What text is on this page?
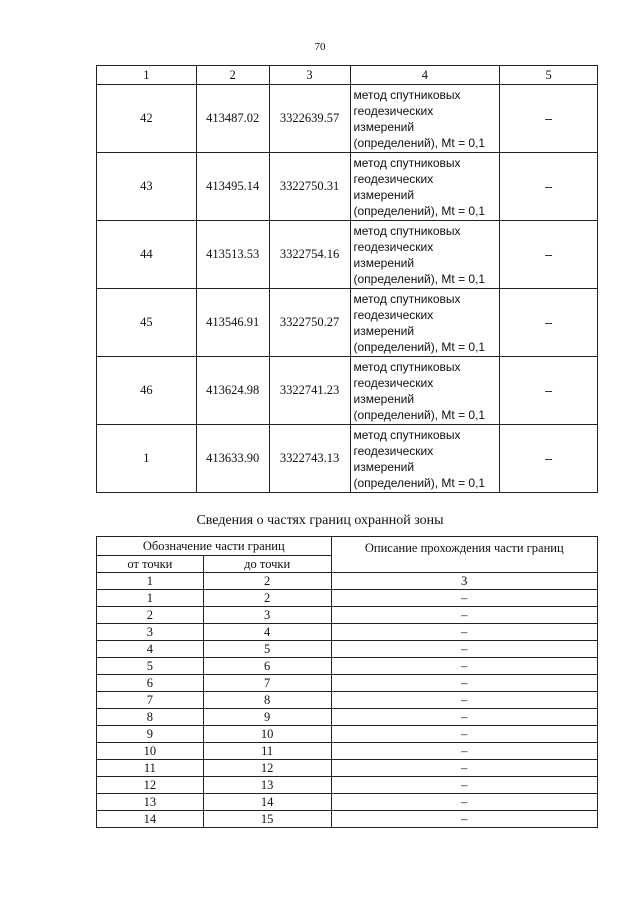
70
1	2	3	4	5
42	413487.02	3322639.57	метод спутниковых
геодезических
измерений
(определений), Mt = 0,1	–
43	413495.14	3322750.31	метод спутниковых
геодезических
измерений
(определений), Mt = 0,1	–
44	413513.53	3322754.16	метод спутниковых
геодезических
измерений
(определений), Mt = 0,1	–
45	413546.91	3322750.27	метод спутниковых
геодезических
измерений
(определений), Mt = 0,1	–
46	413624.98	3322741.23	метод спутниковых
геодезических
измерений
(определений), Mt = 0,1	–
1	413633.90	3322743.13	метод спутниковых
геодезических
измерений
(определений), Mt = 0,1	–
Сведения о частях границ охранной зоны
Обозначение части границ		Описание прохождения части границ
от точки	до точки	
1	2	3
1	2	–
2	3	–
3	4	–
4	5	–
5	6	–
6	7	–
7	8	–
8	9	–
9	10	–
10	11	–
11	12	–
12	13	–
13	14	–
14	15	–
